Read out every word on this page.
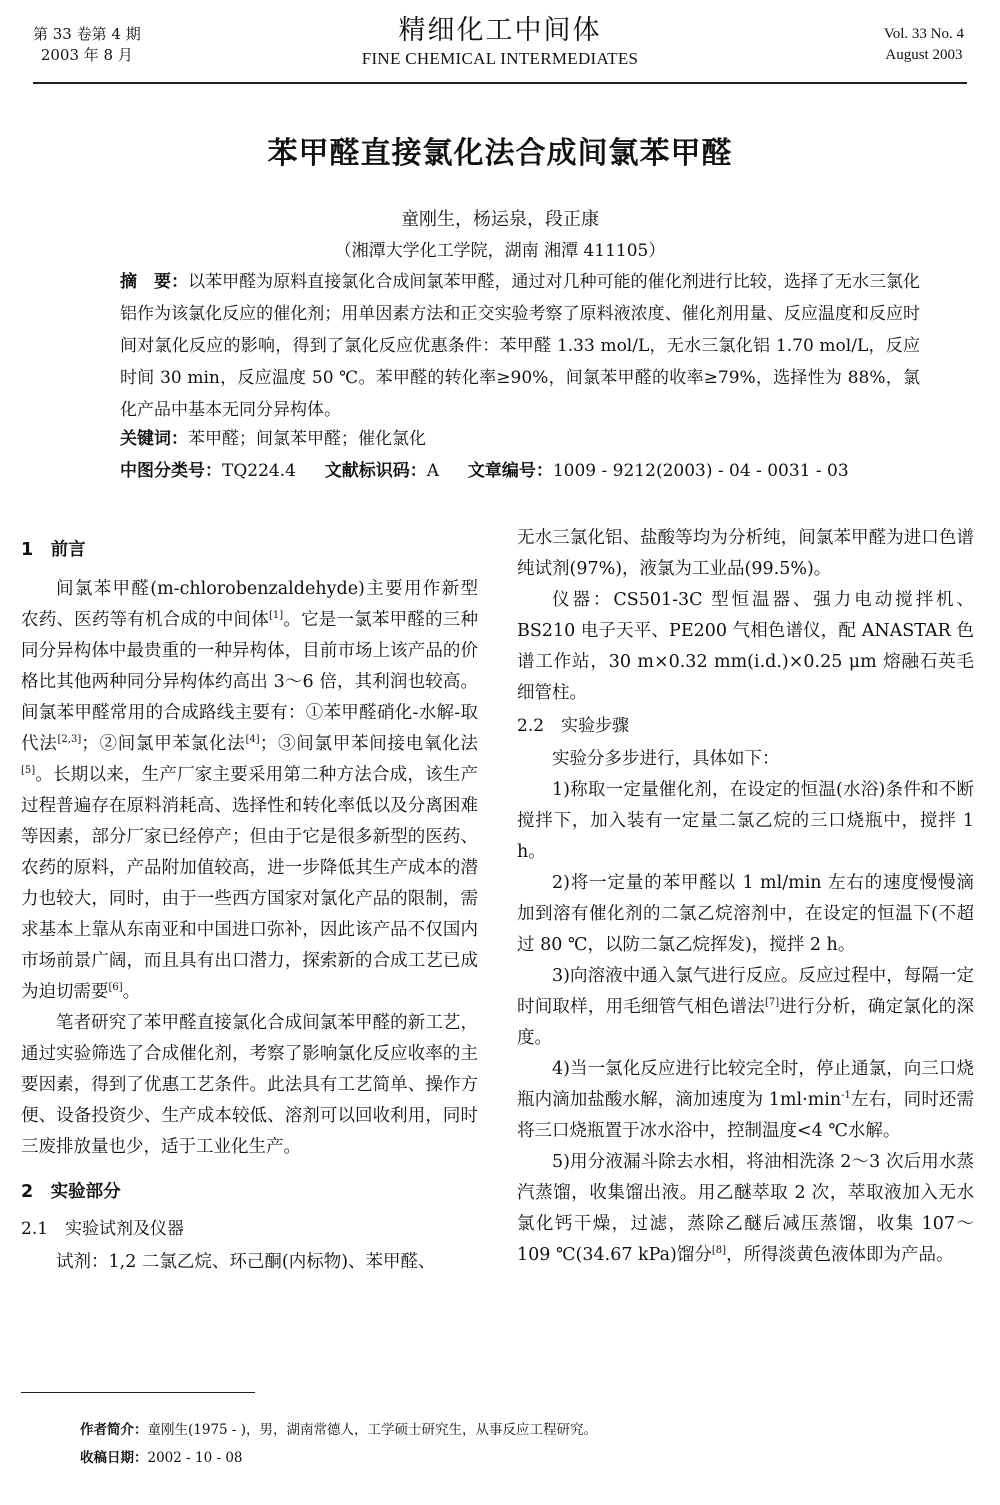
第 33 卷第 4 期
2003 年 8 月
精细化工中间体
FINE CHEMICAL INTERMEDIATES
Vol. 33 No. 4
August 2003
苯甲醛直接氯化法合成间氯苯甲醛
童刚生，杨运泉，段正康
（湘潭大学化工学院，湖南 湘潭 411105）
摘　要：以苯甲醛为原料直接氯化合成间氯苯甲醛，通过对几种可能的催化剂进行比较，选择了无水三氯化铝作为该氯化反应的催化剂；用单因素方法和正交实验考察了原料液浓度、催化剂用量、反应温度和反应时间对氯化反应的影响，得到了氯化反应优惠条件：苯甲醛 1.33 mol/L，无水三氯化铝 1.70 mol/L，反应时间 30 min，反应温度 50 ℃。苯甲醛的转化率≥90%，间氯苯甲醛的收率≥79%，选择性为 88%，氯化产品中基本无同分异构体。
关键词：苯甲醛；间氯苯甲醛；催化氯化
中图分类号：TQ224.4 文献标识码：A 文章编号：1009 - 9212(2003) - 04 - 0031 - 03
1　前言

间氯苯甲醛(m-chlorobenzaldehyde)主要用作新型农药、医药等有机合成的中间体[1]。它是一氯苯甲醛的三种同分异构体中最贵重的一种异构体，目前市场上该产品的价格比其他两种同分异构体约高出 3～6 倍，其利润也较高。间氯苯甲醛常用的合成路线主要有：①苯甲醛硝化-水解-取代法[2,3]；②间氯甲苯氯化法[4]；③间氯甲苯间接电氧化法[5]。长期以来，生产厂家主要采用第二种方法合成，该生产过程普遍存在原料消耗高、选择性和转化率低以及分离困难等因素，部分厂家已经停产；但由于它是很多新型的医药、农药的原料，产品附加值较高，进一步降低其生产成本的潜力也较大，同时，由于一些西方国家对氯化产品的限制，需求基本上靠从东南亚和中国进口弥补，因此该产品不仅国内市场前景广阔，而且具有出口潜力，探索新的合成工艺已成为迫切需要[6]。

笔者研究了苯甲醛直接氯化合成间氯苯甲醛的新工艺，通过实验筛选了合成催化剂，考察了影响氯化反应收率的主要因素，得到了优惠工艺条件。此法具有工艺简单、操作方便、设备投资少、生产成本较低、溶剂可以回收利用，同时三废排放量也少，适于工业化生产。

2　实验部分
2.1　实验试剂及仪器

试剂：1,2 二氯乙烷、环己酮(内标物)、苯甲醛、

无水三氯化铝、盐酸等均为分析纯，间氯苯甲醛为进口色谱纯试剂(97%)，液氯为工业品(99.5%)。

仪器：CS501-3C 型恒温器、强力电动搅拌机、BS210 电子天平、PE200 气相色谱仪，配 ANASTAR 色谱工作站，30 m×0.32 mm(i.d.)×0.25 μm 熔融石英毛细管柱。

2.2　实验步骤

实验分多步进行，具体如下：

1)称取一定量催化剂，在设定的恒温(水浴)条件和不断搅拌下，加入装有一定量二氯乙烷的三口烧瓶中，搅拌 1 h。

2)将一定量的苯甲醛以 1 ml/min 左右的速度慢慢滴加到溶有催化剂的二氯乙烷溶剂中，在设定的恒温下(不超过 80 ℃，以防二氯乙烷挥发)，搅拌 2 h。

3)向溶液中通入氯气进行反应。反应过程中，每隔一定时间取样，用毛细管气相色谱法[7]进行分析，确定氯化的深度。

4)当一氯化反应进行比较完全时，停止通氯，向三口烧瓶内滴加盐酸水解，滴加速度为 $1ml\cdot\min^{-1}$左右，同时还需将三口烧瓶置于冰水浴中，控制温度<4 ℃水解。

5)用分液漏斗除去水相，将油相洗涤 2～3 次后用水蒸汽蒸馏，收集馏出液。用乙醚萃取 2 次，萃取液加入无水氯化钙干燥，过滤，蒸除乙醚后减压蒸馏，收集 107～109 ℃(34.67 kPa)馏分[8]，所得淡黄色液体即为产品。

作者简介：童刚生(1975 - )，男，湖南常德人，工学硕士研究生，从事反应工程研究。
收稿日期：2002 - 10 - 08
